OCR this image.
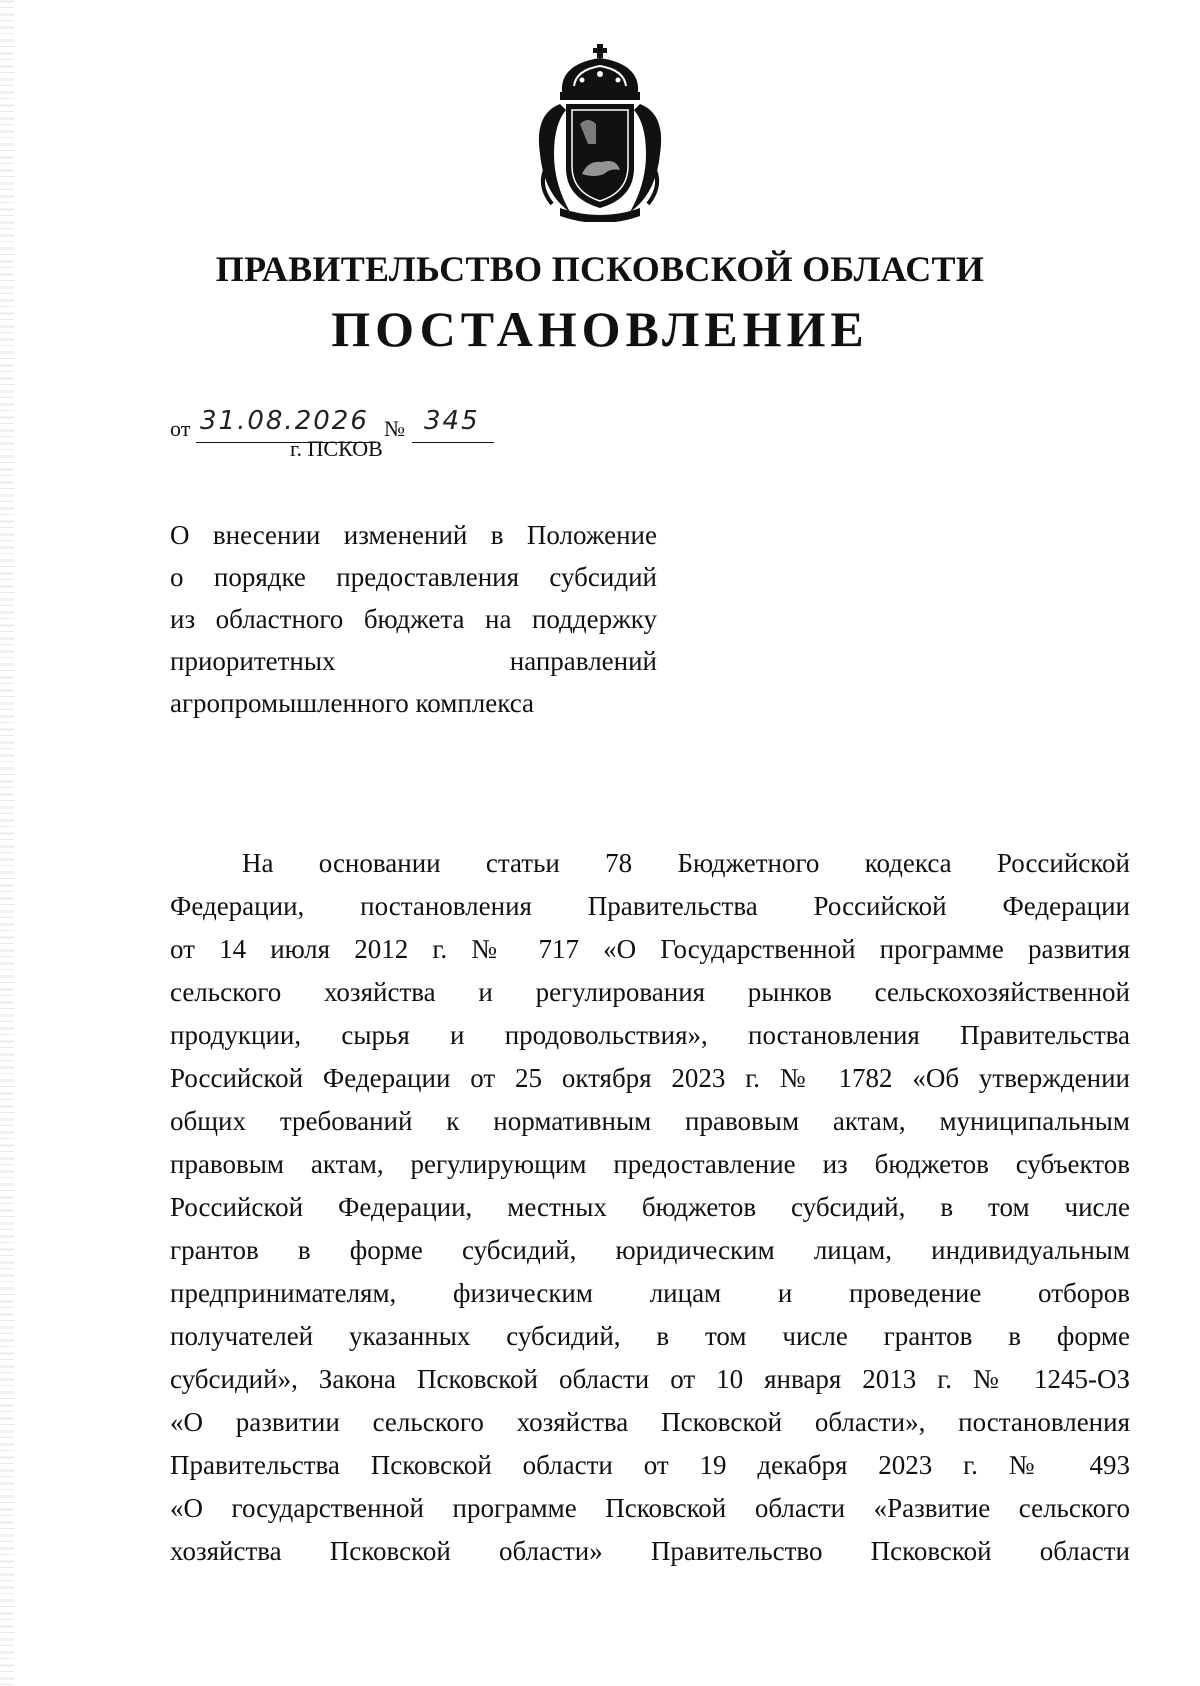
ПРАВИТЕЛЬСТВО ПСКОВСКОЙ ОБЛАСТИ
ПОСТАНОВЛЕНИЕ
от 31.08.2026 № 345
г. ПСКОВ
О внесении изменений в Положение
о порядке предоставления субсидий
из областного бюджета на поддержку
приоритетных направлений
агропромышленного комплекса
На основании статьи 78 Бюджетного кодекса Российской
Федерации, постановления Правительства Российской Федерации
от 14 июля 2012 г. № 717 «О Государственной программе развития
сельского хозяйства и регулирования рынков сельскохозяйственной
продукции, сырья и продовольствия», постановления Правительства
Российской Федерации от 25 октября 2023 г. № 1782 «Об утверждении
общих требований к нормативным правовым актам, муниципальным
правовым актам, регулирующим предоставление из бюджетов субъектов
Российской Федерации, местных бюджетов субсидий, в том числе
грантов в форме субсидий, юридическим лицам, индивидуальным
предпринимателям, физическим лицам и проведение отборов
получателей указанных субсидий, в том числе грантов в форме
субсидий», Закона Псковской области от 10 января 2013 г. № 1245-ОЗ
«О развитии сельского хозяйства Псковской области», постановления
Правительства Псковской области от 19 декабря 2023 г. № 493
«О государственной программе Псковской области «Развитие сельского
хозяйства Псковской области» Правительство Псковской области
